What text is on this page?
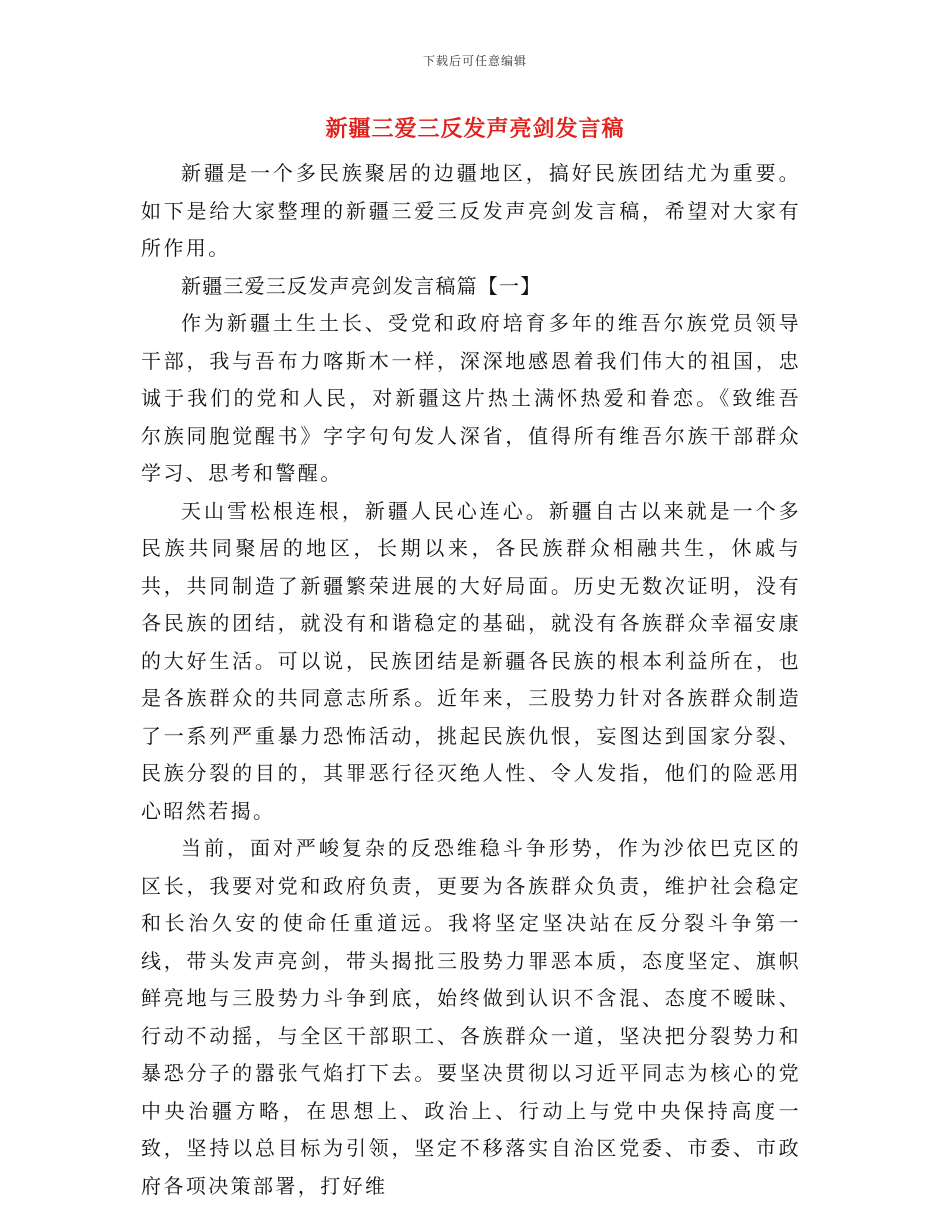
下载后可任意编辑
新疆三爱三反发声亮剑发言稿

新疆是一个多民族聚居的边疆地区，搞好民族团结尤为重要。如下是给大家整理的新疆三爱三反发声亮剑发言稿，希望对大家有所作用。

新疆三爱三反发声亮剑发言稿篇【一】

作为新疆土生土长、受党和政府培育多年的维吾尔族党员领导干部，我与吾布力喀斯木一样，深深地感恩着我们伟大的祖国，忠诚于我们的党和人民，对新疆这片热土满怀热爱和眷恋。《致维吾尔族同胞觉醒书》字字句句发人深省，值得所有维吾尔族干部群众学习、思考和警醒。

天山雪松根连根，新疆人民心连心。新疆自古以来就是一个多民族共同聚居的地区，长期以来，各民族群众相融共生，休戚与共，共同制造了新疆繁荣进展的大好局面。历史无数次证明，没有各民族的团结，就没有和谐稳定的基础，就没有各族群众幸福安康的大好生活。可以说，民族团结是新疆各民族的根本利益所在，也是各族群众的共同意志所系。近年来，三股势力针对各族群众制造了一系列严重暴力恐怖活动，挑起民族仇恨，妄图达到国家分裂、民族分裂的目的，其罪恶行径灭绝人性、令人发指，他们的险恶用心昭然若揭。

当前，面对严峻复杂的反恐维稳斗争形势，作为沙依巴克区的区长，我要对党和政府负责，更要为各族群众负责，维护社会稳定和长治久安的使命任重道远。我将坚定坚决站在反分裂斗争第一线，带头发声亮剑，带头揭批三股势力罪恶本质，态度坚定、旗帜鲜亮地与三股势力斗争到底，始终做到认识不含混、态度不暧昧、行动不动摇，与全区干部职工、各族群众一道，坚决把分裂势力和暴恐分子的嚣张气焰打下去。要坚决贯彻以习近平同志为核心的党中央治疆方略，在思想上、政治上、行动上与党中央保持高度一致，坚持以总目标为引领，坚定不移落实自治区党委、市委、市政府各项决策部署，打好维
